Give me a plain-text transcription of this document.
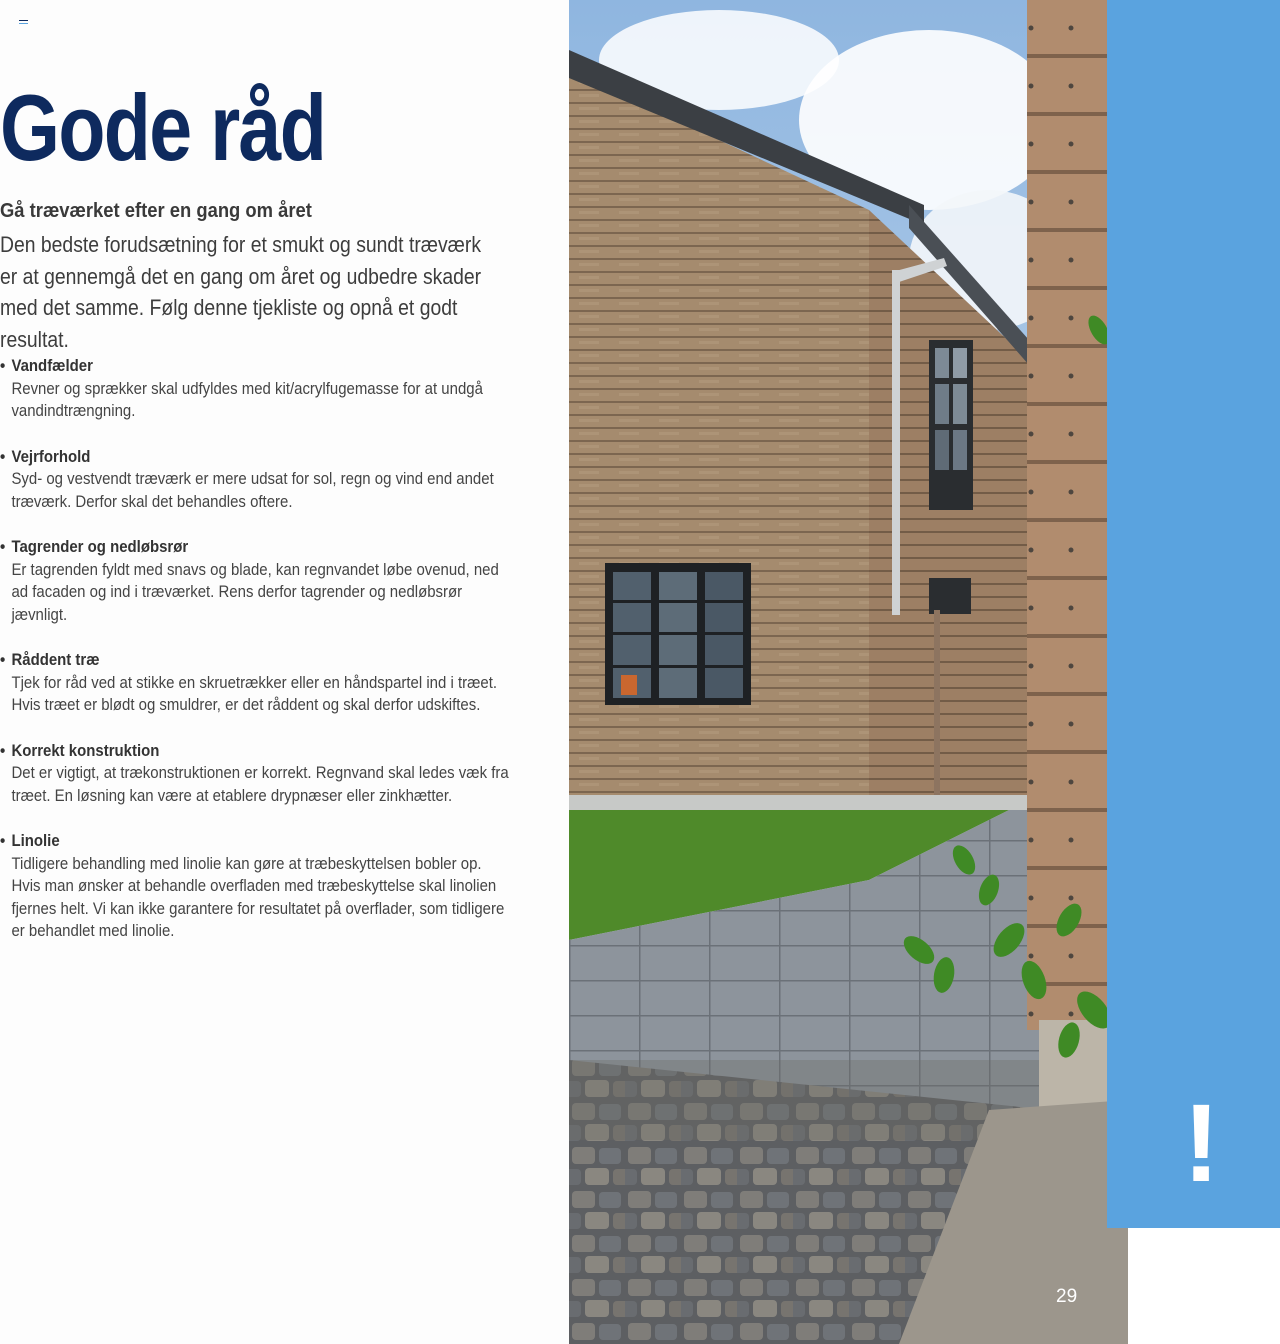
Gode råd

Gå træværket efter en gang om året

Den bedste forudsætning for et smukt og sundt træværk er at gennemgå det en gang om året og udbedre skader med det samme. Følg denne tjekliste og opnå et godt resultat.

• Vandfælder
Revner og sprækker skal udfyldes med kit/acrylfugemasse for at undgå vandindtrængning.
• Vejrforhold
Syd- og vestvendt træværk er mere udsat for sol, regn og vind end andet træværk. Derfor skal det behandles oftere.
• Tagrender og nedløbsrør
Er tagrenden fyldt med snavs og blade, kan regnvandet løbe ovenud, ned ad facaden og ind i træværket. Rens derfor tagrender og nedløbsrør jævnligt.
• Råddent træ
Tjek for råd ved at stikke en skruetrækker eller en håndspartel ind i træet. Hvis træet er blødt og smuldrer, er det råddent og skal derfor udskiftes.
• Korrekt konstruktion
Det er vigtigt, at trækonstruktionen er korrekt. Regnvand skal ledes væk fra træet. En løsning kan være at etablere drypnæser eller zinkhætter.
• Linolie
Tidligere behandling med linolie kan gøre at træbeskyttelsen bobler op. Hvis man ønsker at behandle overfladen med træbeskyttelse skal linolien fjernes helt. Vi kan ikke garantere for resultatet på overflader, som tidligere er behandlet med linolie.
!
29
